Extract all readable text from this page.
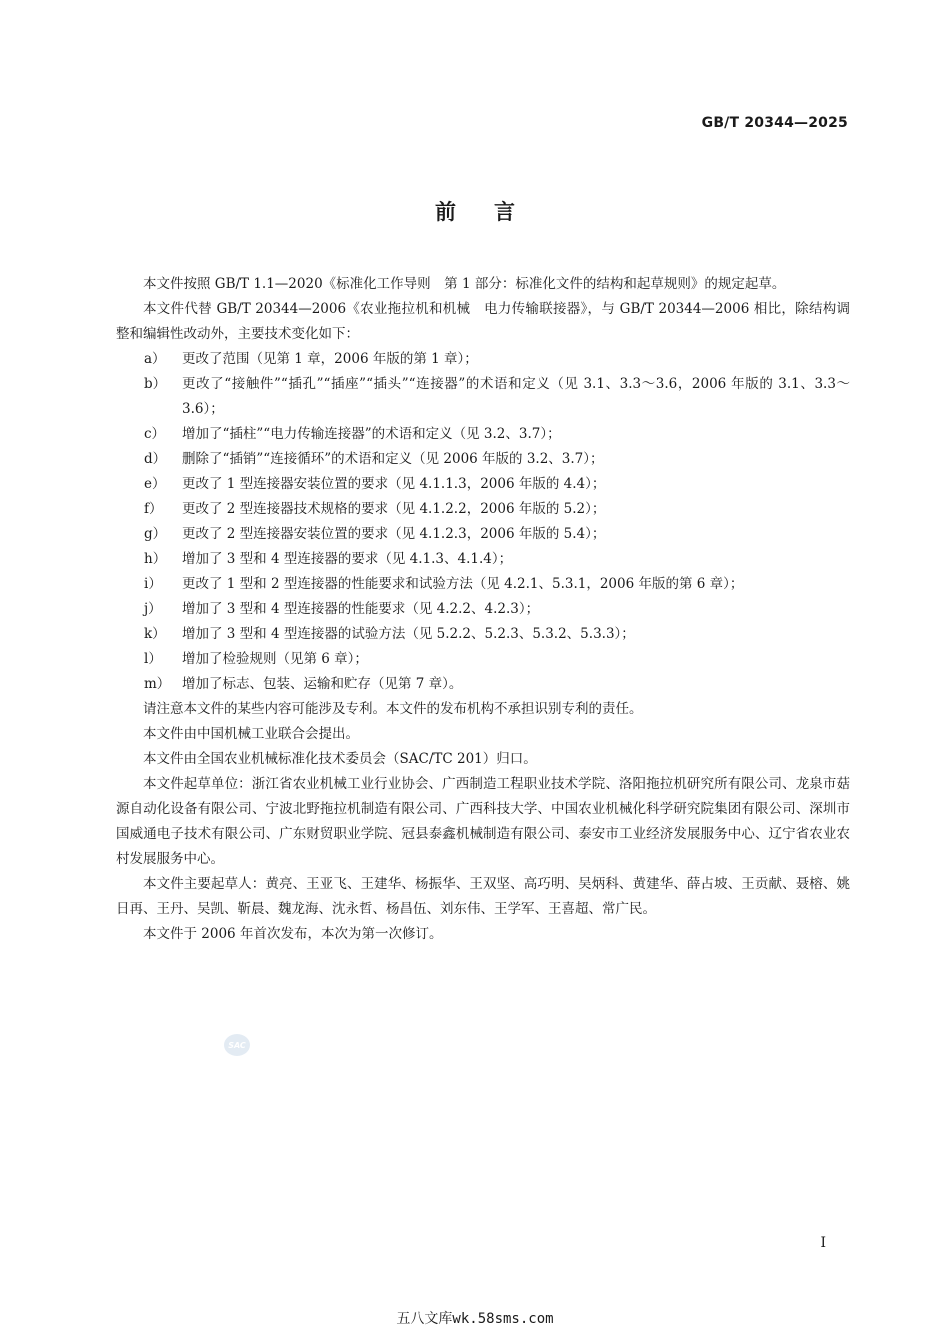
GB/T 20344—2025
前言

本文件按照 GB/T 1.1—2020《标准化工作导则　第 1 部分：标准化文件的结构和起草规则》的规定起草。

本文件代替 GB/T 20344—2006《农业拖拉机和机械　电力传输联接器》，与 GB/T 20344—2006 相比，除结构调整和编辑性改动外，主要技术变化如下：

a）	更改了范围（见第 1 章，2006 年版的第 1 章）；
b）	更改了“接触件”“插孔”“插座”“插头”“连接器”的术语和定义（见 3.1、3.3～3.6，2006 年版的 3.1、3.3～3.6）；
c）	增加了“插柱”“电力传输连接器”的术语和定义（见 3.2、3.7）；
d）	删除了“插销”“连接循环”的术语和定义（见 2006 年版的 3.2、3.7）；
e）	更改了 1 型连接器安装位置的要求（见 4.1.1.3，2006 年版的 4.4）；
f）	更改了 2 型连接器技术规格的要求（见 4.1.2.2，2006 年版的 5.2）；
g）	更改了 2 型连接器安装位置的要求（见 4.1.2.3，2006 年版的 5.4）；
h）	增加了 3 型和 4 型连接器的要求（见 4.1.3、4.1.4）；
i）	更改了 1 型和 2 型连接器的性能要求和试验方法（见 4.2.1、5.3.1，2006 年版的第 6 章）；
j）	增加了 3 型和 4 型连接器的性能要求（见 4.2.2、4.2.3）；
k）	增加了 3 型和 4 型连接器的试验方法（见 5.2.2、5.2.3、5.3.2、5.3.3）；
l）	增加了检验规则（见第 6 章）；
m） 增加了标志、包装、运输和贮存（见第 7 章）。

请注意本文件的某些内容可能涉及专利。本文件的发布机构不承担识别专利的责任。

本文件由中国机械工业联合会提出。

本文件由全国农业机械标准化技术委员会（SAC/TC 201）归口。

本文件起草单位：浙江省农业机械工业行业协会、广西制造工程职业技术学院、洛阳拖拉机研究所有限公司、龙泉市菇源自动化设备有限公司、宁波北野拖拉机制造有限公司、广西科技大学、中国农业机械化科学研究院集团有限公司、深圳市国威通电子技术有限公司、广东财贸职业学院、冠县泰鑫机械制造有限公司、泰安市工业经济发展服务中心、辽宁省农业农村发展服务中心。

本文件主要起草人：黄亮、王亚飞、王建华、杨振华、王双坚、高巧明、吴炳科、黄建华、薛占坡、王贡献、聂榕、姚日再、王丹、吴凯、靳晨、魏龙海、沈永哲、杨昌伍、刘东伟、王学军、王喜超、常广民。

本文件于 2006 年首次发布，本次为第一次修订。

SAC
I
五八文库wk.58sms.com
